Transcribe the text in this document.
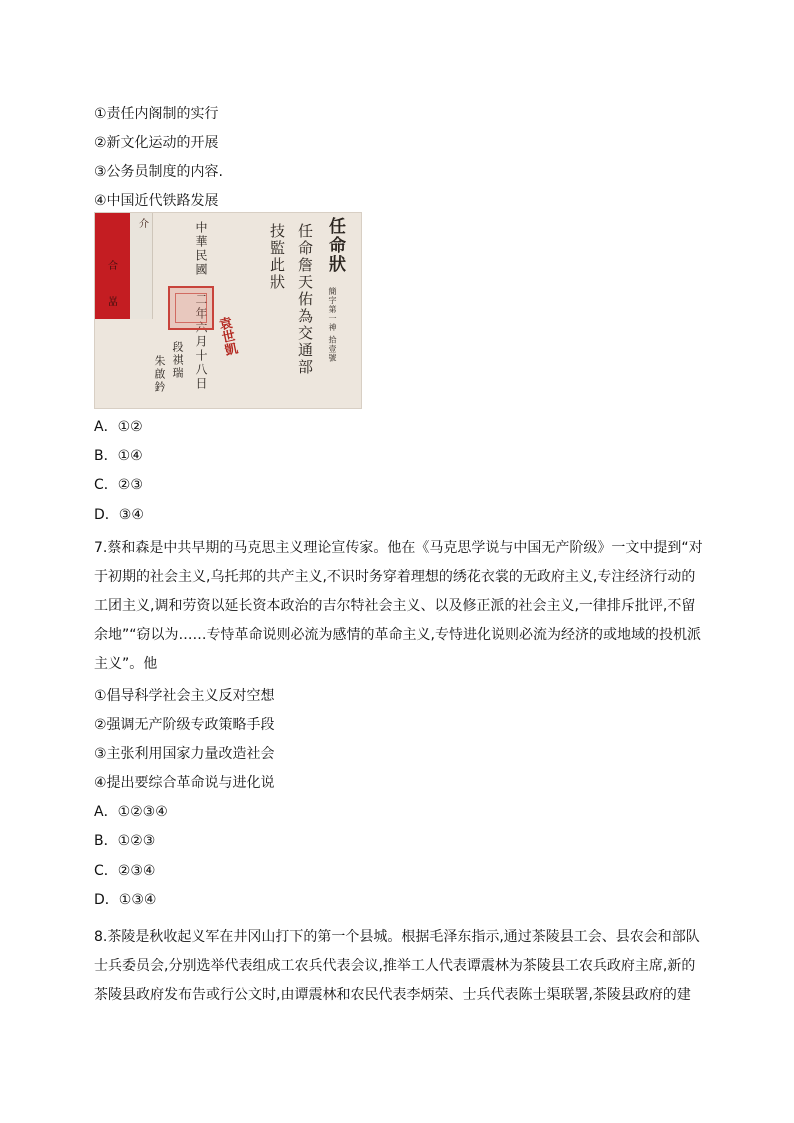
①责任内阁制的实行
②新文化运动的开展
③公务员制度的内容.
④中国近代铁路发展
介
合
嵓
任命狀
簡字第一神 拾壹號
任命詹天佑為交通部
技監此狀
中華民國
二年六月十八日 袁世凱
段祺瑞
朱啟鈐
A．①②
B．①④
C．②③
D．③④
7.蔡和森是中共早期的马克思主义理论宣传家。他在《马克思学说与中国无产阶级》一文中提到“对
于初期的社会主义,乌托邦的共产主义,不识时务穿着理想的绣花衣裳的无政府主义,专注经济行动的
工团主义,调和劳资以延长资本政治的吉尔特社会主义、以及修正派的社会主义,一律排斥批评,不留
余地”“窃以为……专恃革命说则必流为感情的革命主义,专恃进化说则必流为经济的或地域的投机派
主义”。他
①倡导科学社会主义反对空想
②强调无产阶级专政策略手段
③主张利用国家力量改造社会
④提出要综合革命说与进化说
A．①②③④
B．①②③
C．②③④
D．①③④
8.茶陵是秋收起义军在井冈山打下的第一个县城。根据毛泽东指示,通过茶陵县工会、县农会和部队
士兵委员会,分别选举代表组成工农兵代表会议,推举工人代表谭震林为茶陵县工农兵政府主席,新的
茶陵县政府发布告或行公文时,由谭震林和农民代表李炳荣、士兵代表陈士渠联署,茶陵县政府的建
